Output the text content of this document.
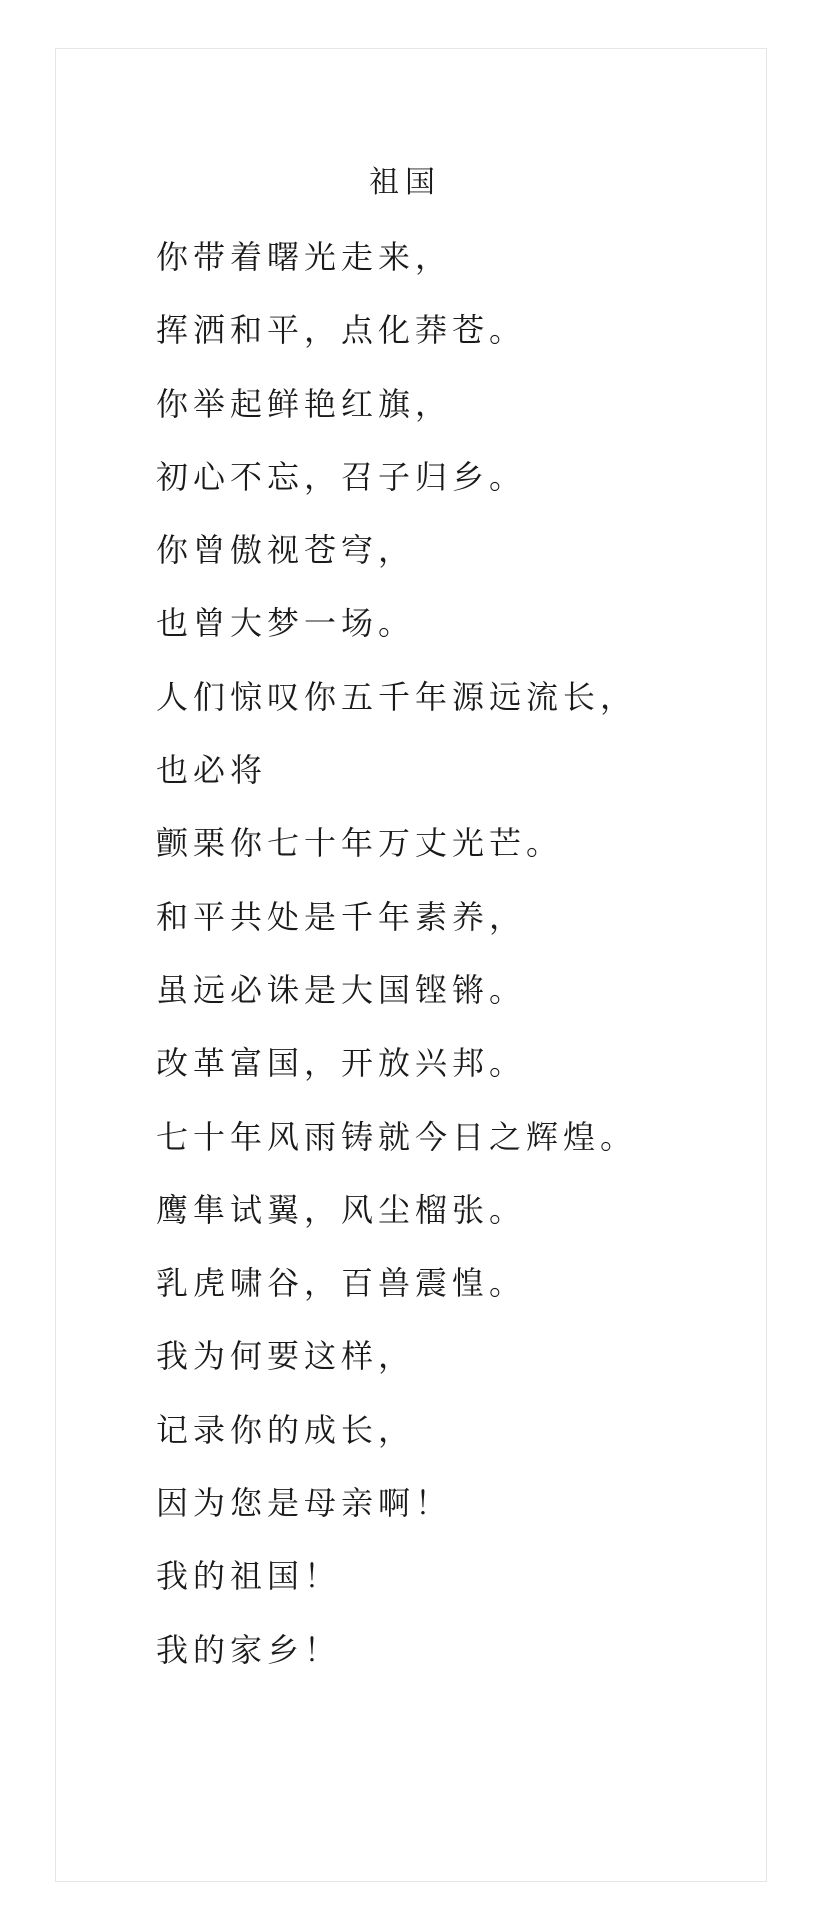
祖国
你带着曙光走来，
挥洒和平，点化莽苍。
你举起鲜艳红旗，
初心不忘，召子归乡。
你曾傲视苍穹，
也曾大梦一场。
人们惊叹你五千年源远流长，
也必将
颤栗你七十年万丈光芒。
和平共处是千年素养，
虽远必诛是大国铿锵。
改革富国，开放兴邦。
七十年风雨铸就今日之辉煌。
鹰隼试翼，风尘榴张。
乳虎啸谷，百兽震惶。
我为何要这样，
记录你的成长，
因为您是母亲啊！
我的祖国！
我的家乡！
